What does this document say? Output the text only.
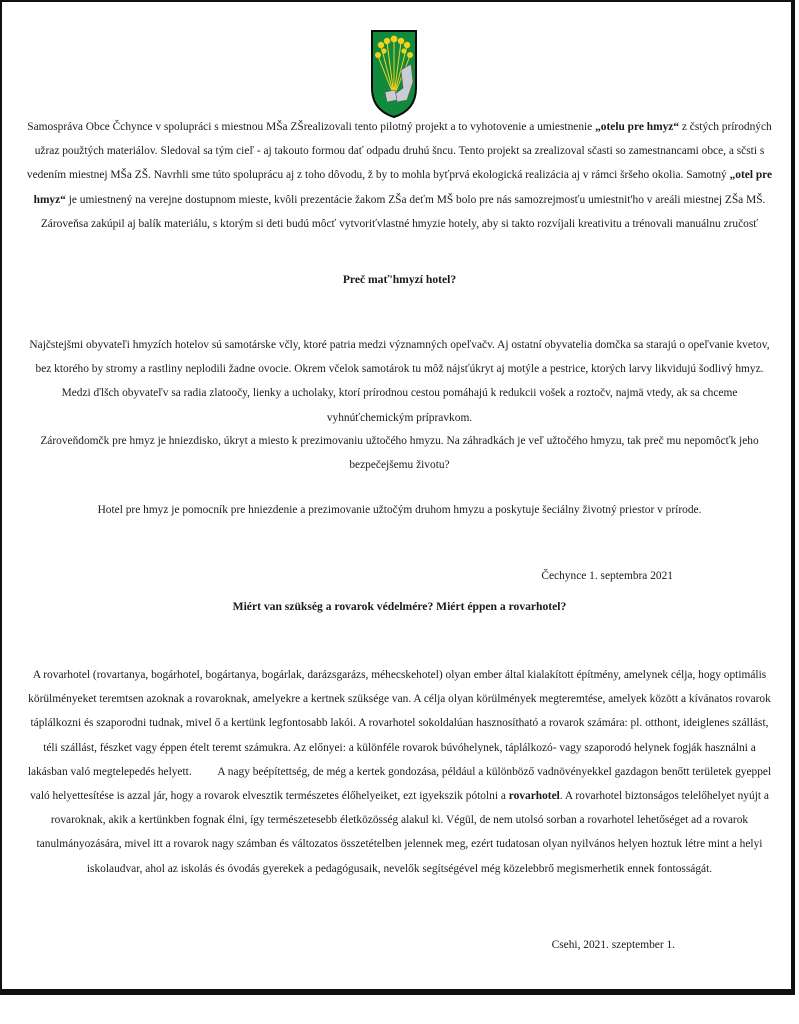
Samospráva Obce Čchynce v spolupráci s miestnou MŠa ZŠrealizovali tento pilotný projekt a to vyhotovenie a umiestnenie „otelu pre hmyz“ z čstých prírodných užraz použtých materiálov. Sledoval sa tým cieľ - aj takouto formou dať odpadu druhú šncu. Tento projekt sa zrealizoval sčasti so zamestnancami obce, a sčsti s vedením miestnej MŠa ZŠ. Navrhli sme túto spoluprácu aj z toho dôvodu, ž by to mohla byťprvá ekologická realizácia aj v rámci šršeho okolia. Samotný „otel pre hmyz“ je umiestnený na verejne dostupnom mieste, kvôli prezentácie žakom ZŠa deťm MŠ bolo pre nás samozrejmosťu umiestnit'ho v areáli miestnej ZŠa MŠ. Zároveňsa zakúpil aj balík materiálu, s ktorým si deti budú môcť vytvoriťvlastné hmyzie hotely, aby si takto rozvíjali kreativitu a trénovali manuálnu zručosť

Preč mať'hmyzí hotel?

Najčstejšmi obyvateľi hmyzích hotelov sú samotárske včly, ktoré patria medzi významných opeľvačv. Aj ostatní obyvatelia domčka sa starajú o opeľvanie kvetov, bez ktorého by stromy a rastliny neplodili žadne ovocie. Okrem včelok samotárok tu môž nájsťúkryt aj motýle a pestrice, ktorých larvy likvidujú šodlivý hmyz. Medzi ďlšch obyvateľv sa radia zlatoočy, lienky a ucholaky, ktorí prírodnou cestou pomáhajú k redukcii vošek a roztočv, najmä vtedy, ak sa chceme vyhnúťchemickým prípravkom.

Zároveňdomčk pre hmyz je hniezdisko, úkryt a miesto k prezimovaniu užtočého hmyzu. Na záhradkách je veľ užtočého hmyzu, tak preč mu nepomôcťk jeho bezpečejšemu životu?

Hotel pre hmyz je pomocník pre hniezdenie a prezimovanie užtočým druhom hmyzu a poskytuje šeciálny životný priestor v prírode.

Čechynce 1. septembra 2021

Miért van szükség a rovarok védelmére? Miért éppen a rovarhotel?

A rovarhotel (rovartanya, bogárhotel, bogártanya, bogárlak, darázsgarázs, méhecskehotel) olyan ember által kialakított építmény, amelynek célja, hogy optimális körülményeket teremtsen azoknak a rovaroknak, amelyekre a kertnek szüksége van. A célja olyan körülmények megteremtése, amelyek között a kívánatos rovarok táplálkozni és szaporodni tudnak, mivel ő a kertünk legfontosabb lakói. A rovarhotel sokoldalúan hasznosítható a rovarok számára: pl. otthont, ideiglenes szállást, téli szállást, fészket vagy éppen ételt teremt számukra. Az előnyei: a különféle rovarok búvóhelynek, táplálkozó- vagy szaporodó helynek fogják használni a lakásban való megtelepedés helyett. A nagy beépítettség, de még a kertek gondozása, például a különböző vadnövényekkel gazdagon benőtt területek gyeppel való helyettesítése is azzal jár, hogy a rovarok elvesztik természetes élőhelyeiket, ezt igyekszik pótolni a rovarhotel. A rovarhotel biztonságos telelőhelyet nyújt a rovaroknak, akik a kertünkben fognak élni, így természetesebb életközösség alakul ki. Végül, de nem utolsó sorban a rovarhotel lehetőséget ad a rovarok tanulmányozására, mivel itt a rovarok nagy számban és változatos összetételben jelennek meg, ezért tudatosan olyan nyilvános helyen hoztuk létre mint a helyi iskolaudvar, ahol az iskolás és óvodás gyerekek a pedagógusaik, nevelők segítségével még közelebbrő megismerhetik ennek fontosságát.

Csehi, 2021. szeptember 1.
